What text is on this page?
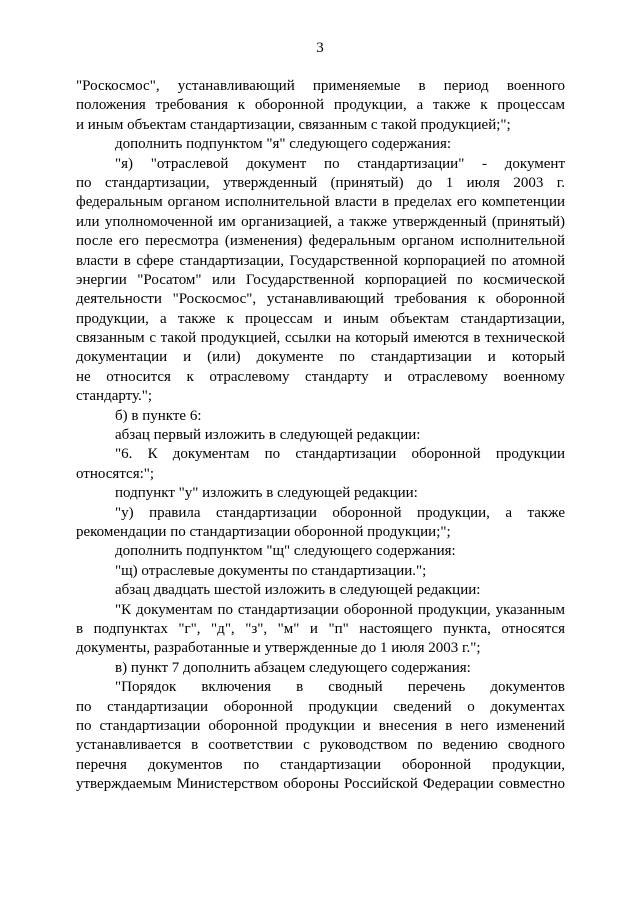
3
"Роскосмос", устанавливающий применяемые в период военного
положения требования к оборонной продукции, а также к процессам
и иным объектам стандартизации, связанным с такой продукцией;";
дополнить подпунктом "я" следующего содержания:
"я) "отраслевой документ по стандартизации" - документ
по стандартизации, утвержденный (принятый) до 1 июля 2003 г.
федеральным органом исполнительной власти в пределах его компетенции
или уполномоченной им организацией, а также утвержденный (принятый)
после его пересмотра (изменения) федеральным органом исполнительной
власти в сфере стандартизации, Государственной корпорацией по атомной
энергии "Росатом" или Государственной корпорацией по космической
деятельности "Роскосмос", устанавливающий требования к оборонной
продукции, а также к процессам и иным объектам стандартизации,
связанным с такой продукцией, ссылки на который имеются в технической
документации и (или) документе по стандартизации и который
не относится к отраслевому стандарту и отраслевому военному
стандарту.";
б) в пункте 6:
абзац первый изложить в следующей редакции:
"6. К документам по стандартизации оборонной продукции
относятся:";
подпункт "у" изложить в следующей редакции:
"у) правила стандартизации оборонной продукции, а также
рекомендации по стандартизации оборонной продукции;";
дополнить подпунктом "щ" следующего содержания:
"щ) отраслевые документы по стандартизации.";
абзац двадцать шестой изложить в следующей редакции:
"К документам по стандартизации оборонной продукции, указанным
в подпунктах "г", "д", "з", "м" и "п" настоящего пункта, относятся
документы, разработанные и утвержденные до 1 июля 2003 г.";
в) пункт 7 дополнить абзацем следующего содержания:
"Порядок включения в сводный перечень документов
по стандартизации оборонной продукции сведений о документах
по стандартизации оборонной продукции и внесения в него изменений
устанавливается в соответствии с руководством по ведению сводного
перечня документов по стандартизации оборонной продукции,
утверждаемым Министерством обороны Российской Федерации совместно
